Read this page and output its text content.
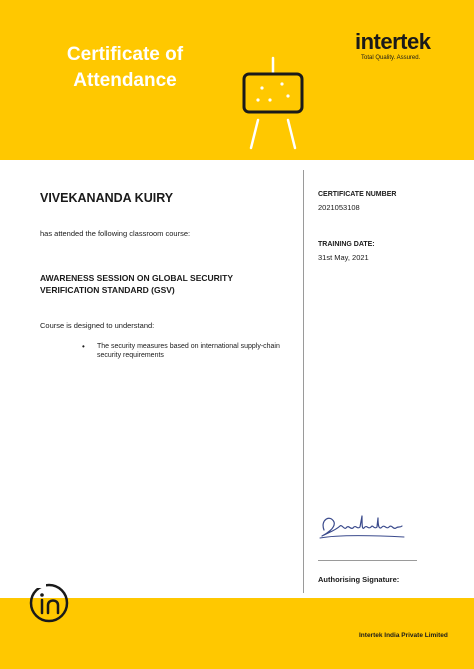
Certificate of
Attendance
intertek
Total Quality. Assured.
VIVEKANANDA KUIRY
has attended the following classroom course:
AWARENESS SESSION ON GLOBAL SECURITY VERIFICATION STANDARD (GSV)
Course is designed to understand:
•	The security measures based on international supply-chain security requirements
CERTIFICATE NUMBER
2021053108
TRAINING DATE:
31st May, 2021
Authorising Signature:
Intertek India Private Limited
